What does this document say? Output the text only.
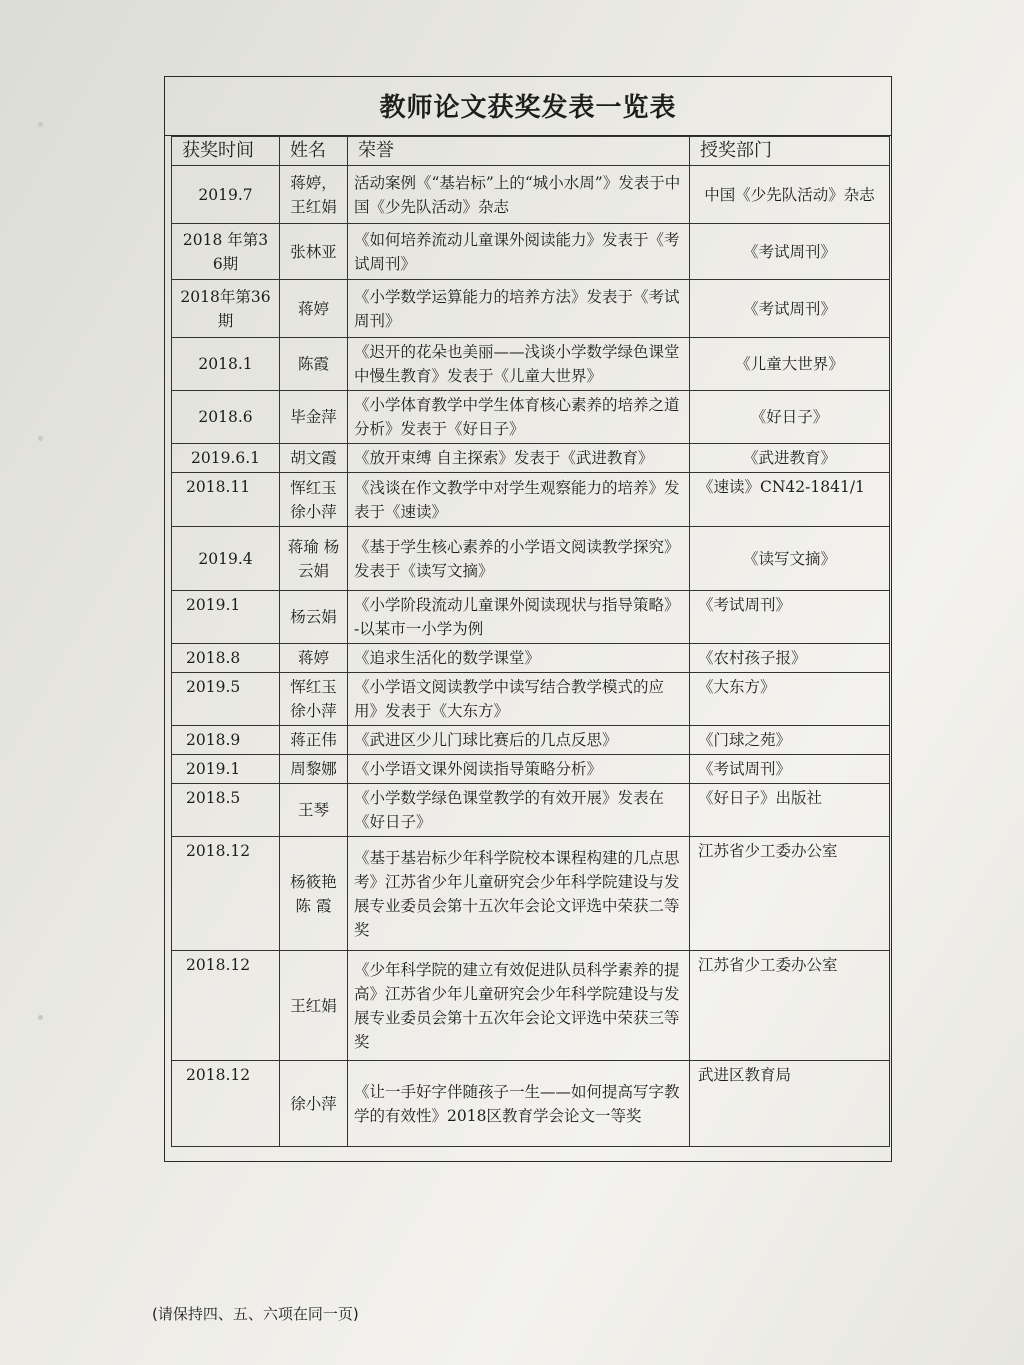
教师论文获奖发表一览表
获奖时间	姓名	荣誉	授奖部门
2019.7	蒋婷，王红娟	活动案例《“基岩标”上的“城小水周”》发表于中国《少先队活动》杂志	中国《少先队活动》杂志
2018 年第36期	张林亚	《如何培养流动儿童课外阅读能力》发表于《考试周刊》	《考试周刊》
2018年第36期	蒋婷	《小学数学运算能力的培养方法》发表于《考试周刊》	《考试周刊》
2018.1	陈霞	《迟开的花朵也美丽——浅谈小学数学绿色课堂中慢生教育》发表于《儿童大世界》	《儿童大世界》
2018.6	毕金萍	《小学体育教学中学生体育核心素养的培养之道分析》发表于《好日子》	《好日子》
2019.6.1	胡文霞	《放开束缚 自主探索》发表于《武进教育》	《武进教育》
2018.11	恽红玉 徐小萍	《浅谈在作文教学中对学生观察能力的培养》发表于《速读》	《速读》CN42-1841/1
2019.4	蒋瑜 杨云娟	《基于学生核心素养的小学语文阅读教学探究》发表于《读写文摘》	《读写文摘》
2019.1	杨云娟	《小学阶段流动儿童课外阅读现状与指导策略》-以某市一小学为例	《考试周刊》
2018.8	蒋婷	《追求生活化的数学课堂》	《农村孩子报》
2019.5	恽红玉 徐小萍	《小学语文阅读教学中读写结合教学模式的应用》发表于《大东方》	《大东方》
2018.9	蒋正伟	《武进区少儿门球比赛后的几点反思》	《门球之苑》
2019.1	周黎娜	《小学语文课外阅读指导策略分析》	《考试周刊》
2018.5	王琴	《小学数学绿色课堂教学的有效开展》发表在《好日子》	《好日子》出版社
2018.12	杨筱艳 陈 霞	《基于基岩标少年科学院校本课程构建的几点思考》江苏省少年儿童研究会少年科学院建设与发展专业委员会第十五次年会论文评选中荣获二等奖	江苏省少工委办公室
2018.12	王红娟	《少年科学院的建立有效促进队员科学素养的提高》江苏省少年儿童研究会少年科学院建设与发展专业委员会第十五次年会论文评选中荣获三等奖	江苏省少工委办公室
2018.12	徐小萍	《让一手好字伴随孩子一生——如何提高写字教学的有效性》2018区教育学会论文一等奖	武进区教育局
(请保持四、五、六项在同一页)
